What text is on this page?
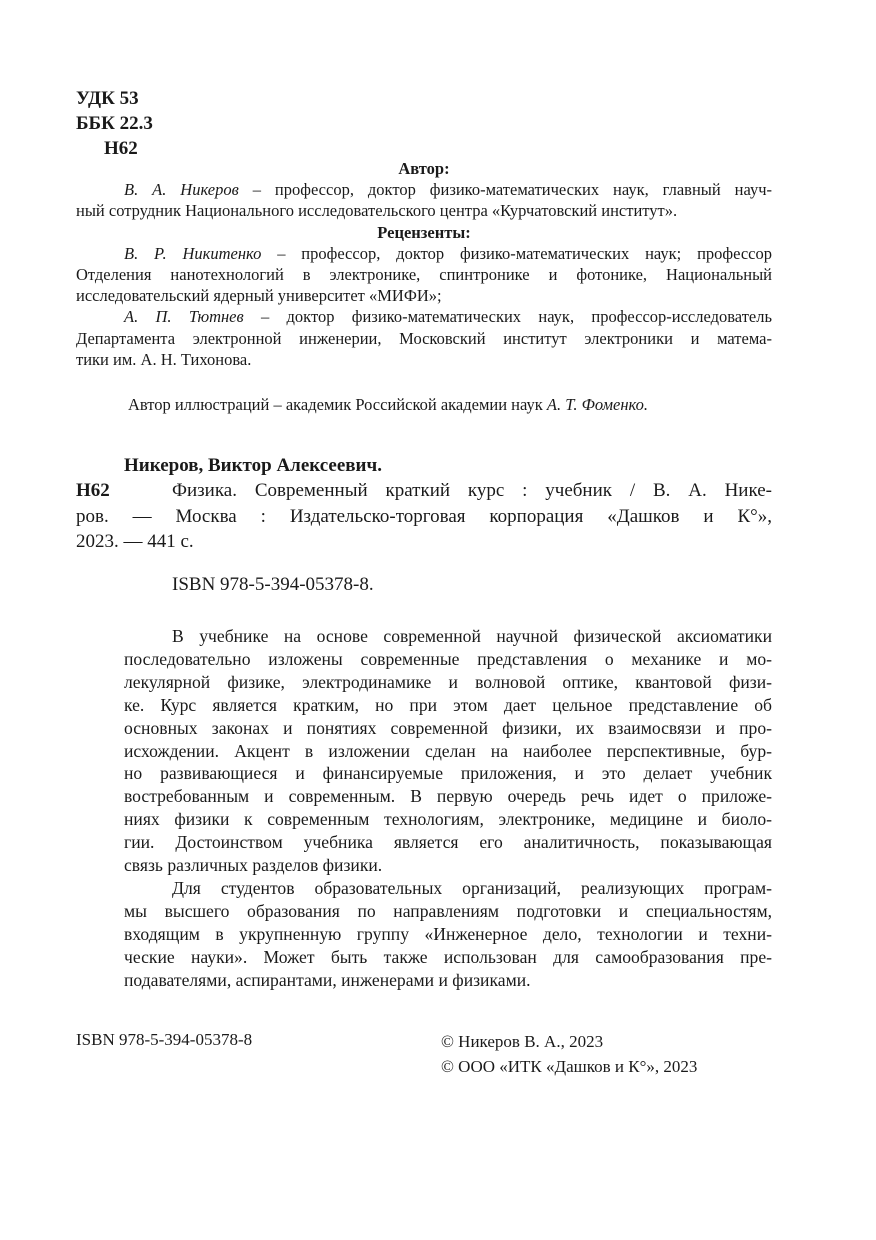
УДК 53
ББК 22.3
Н62
Автор:
В. А. Никеров – профессор, доктор физико-математических наук, главный науч-
ный сотрудник Национального исследовательского центра «Курчатовский институт».
Рецензенты:
В. Р. Никитенко – профессор, доктор физико-математических наук; профессор
Отделения нанотехнологий в электронике, спинтронике и фотонике, Национальный
исследовательский ядерный университет «МИФИ»;
А. П. Тютнев – доктор физико-математических наук, профессор-исследователь
Департамента электронной инженерии, Московский институт электроники и матема-
тики им. А. Н. Тихонова.
Автор иллюстраций – академик Российской академии наук А. Т. Фоменко.
Никеров, Виктор Алексеевич.
Н62	Физика. Современный краткий курс : учебник / В. А. Нике-
ров. — Москва : Издательско-торговая корпорация «Дашков и К°»,
2023. — 441 с.
ISBN 978-5-394-05378-8.
В учебнике на основе современной научной физической аксиоматики
последовательно изложены современные представления о механике и мо-
лекулярной физике, электродинамике и волновой оптике, квантовой физи-
ке. Курс является кратким, но при этом дает цельное представление об
основных законах и понятиях современной физики, их взаимосвязи и про-
исхождении. Акцент в изложении сделан на наиболее перспективные, бур-
но развивающиеся и финансируемые приложения, и это делает учебник
востребованным и современным. В первую очередь речь идет о приложе-
ниях физики к современным технологиям, электронике, медицине и биоло-
гии. Достоинством учебника является его аналитичность, показывающая
связь различных разделов физики.
Для студентов образовательных организаций, реализующих програм-
мы высшего образования по направлениям подготовки и специальностям,
входящим в укрупненную группу «Инженерное дело, технологии и техни-
ческие науки». Может быть также использован для самообразования пре-
подавателями, аспирантами, инженерами и физиками.
ISBN 978-5-394-05378-8	© Никеров В. А., 2023
© ООО «ИТК «Дашков и К°», 2023
